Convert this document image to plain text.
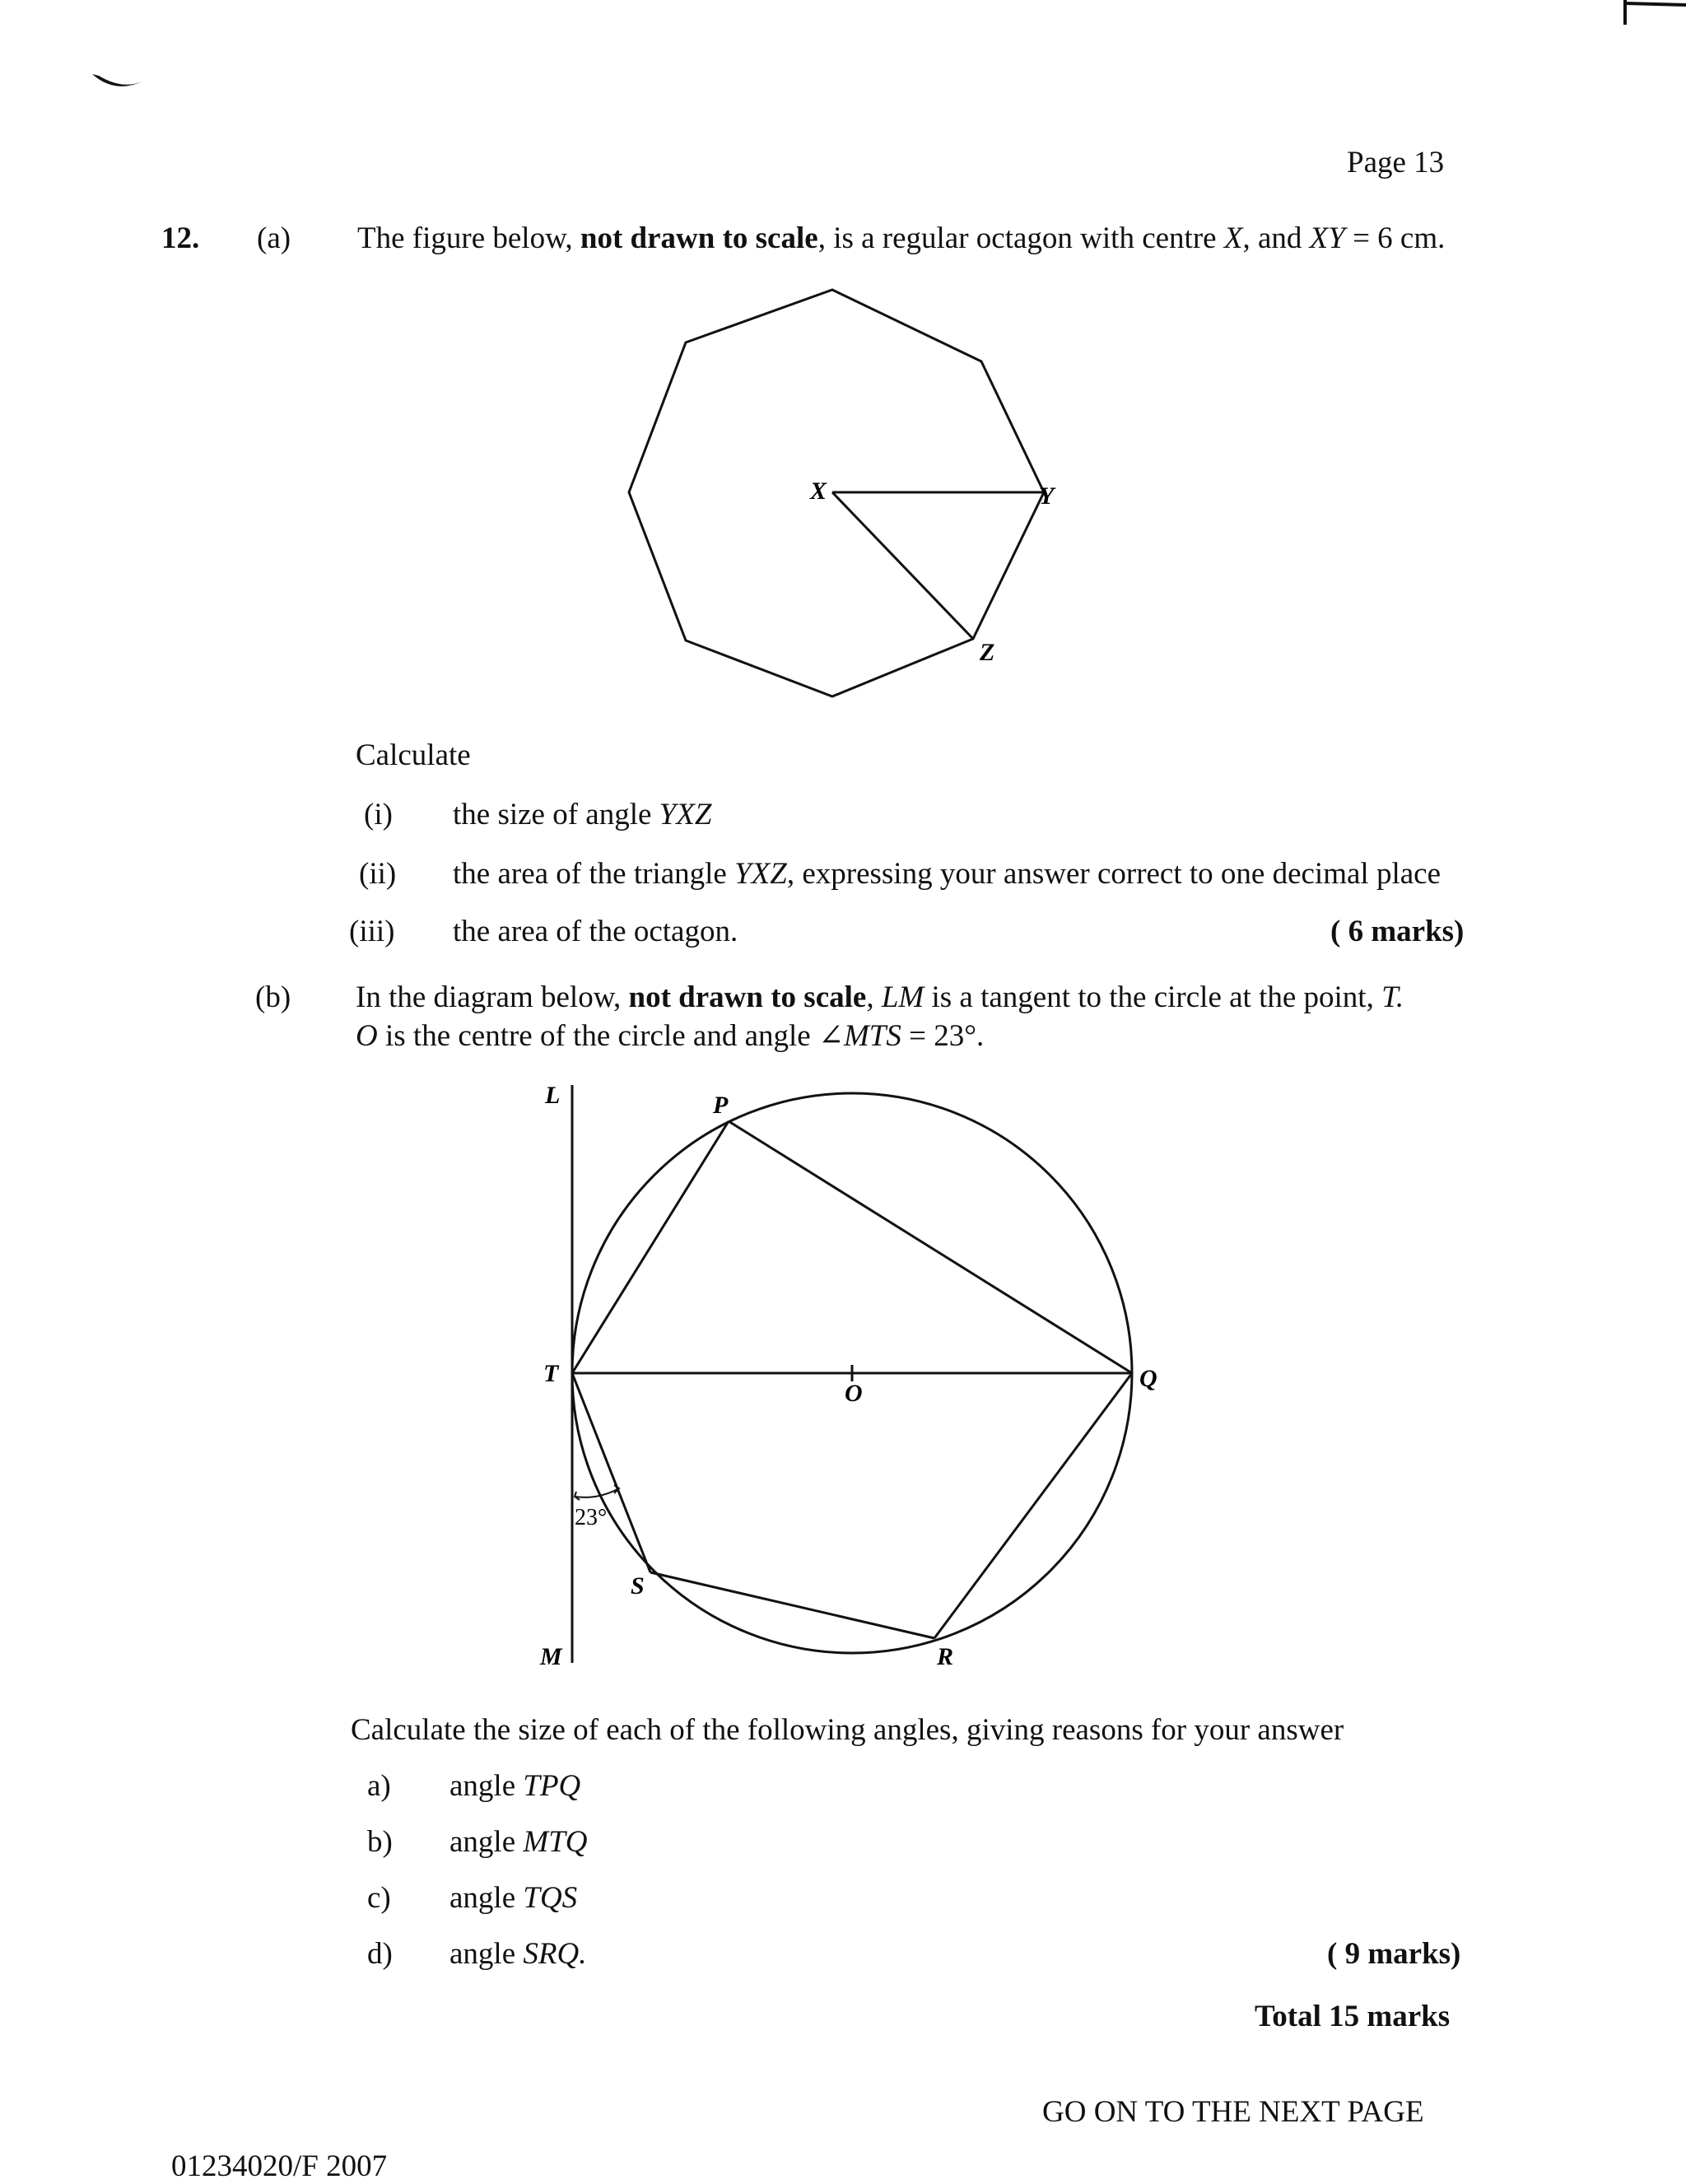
Page 13
12. (a) The figure below, not drawn to scale, is a regular octagon with centre X, and XY = 6 cm.
X	Y
Z
Calculate
(i) the size of angle YXZ
(ii) the area of the triangle YXZ, expressing your answer correct to one decimal place
(iii) the area of the octagon.	( 6 marks)
(b) In the diagram below, not drawn to scale, LM is a tangent to the circle at the point, T.
O is the centre of the circle and angle ∠MTS = 23°.
L	P
T
O
Q
S
R
M
23°
Calculate the size of each of the following angles, giving reasons for your answer
a) angle TPQ
b) angle MTQ
c) angle TQS
d) angle SRQ.	( 9 marks)
Total 15 marks
GO ON TO THE NEXT PAGE
01234020/F 2007
